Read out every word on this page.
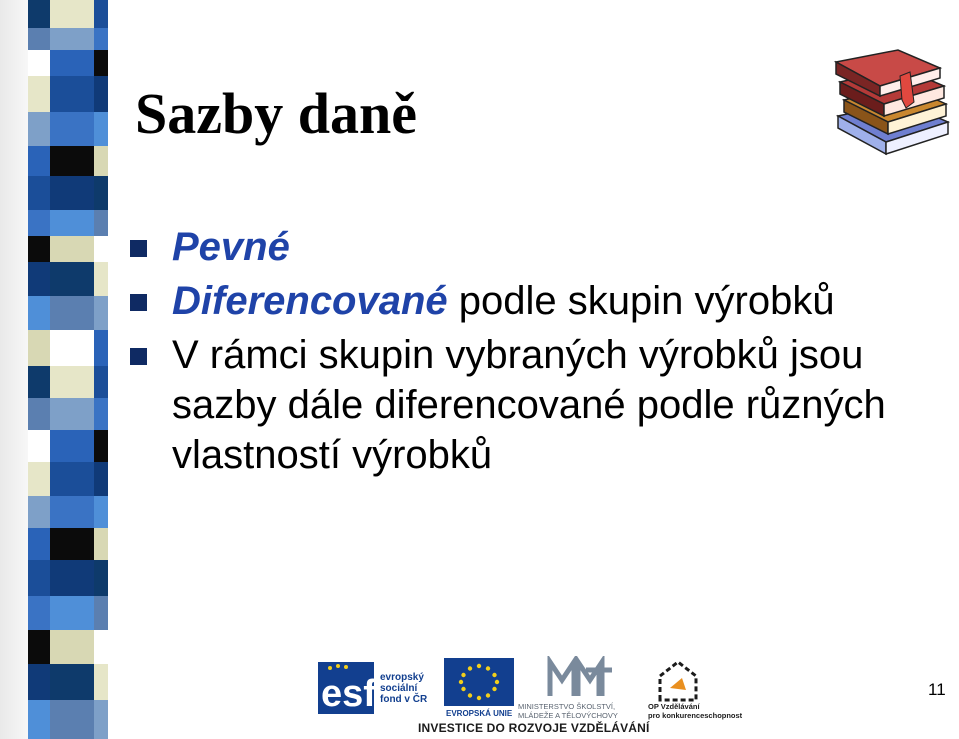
Sazby daně
Pevné
Diferencované podle skupin výrobků
V rámci skupin vybraných výrobků jsou sazby dále diferencované podle různých vlastností výrobků
esf evropský
sociální
fond v ČR
EVROPSKÁ UNIE
MINISTERSTVO ŠKOLSTVÍ,
MLÁDEŽE A TĚLOVÝCHOVY
OP Vzdělávání
pro konkurenceschopnost
INVESTICE DO ROZVOJE VZDĚLÁVÁNÍ
11
